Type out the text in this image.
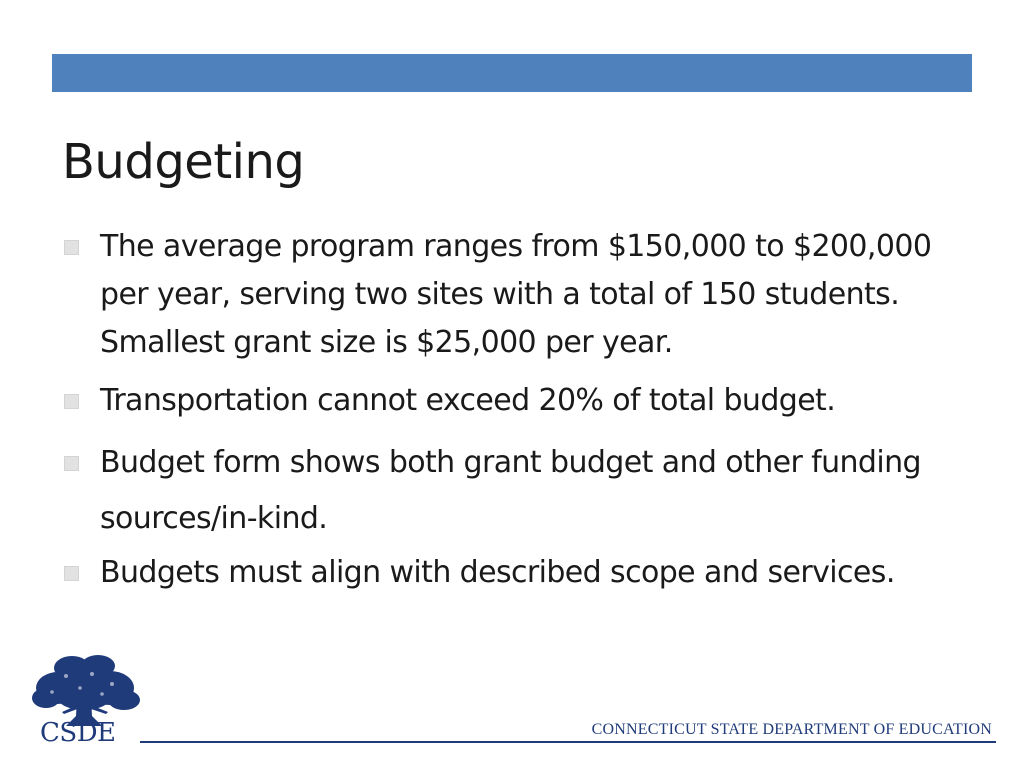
Budgeting
The average program ranges from $150,000 to $200,000 per year, serving two sites with a total of 150 students. Smallest grant size is $25,000 per year.
Transportation cannot exceed 20% of total budget.
Budget form shows both grant budget and other funding sources/in-kind.
Budgets must align with described scope and services.
CSDE	CONNECTICUT STATE DEPARTMENT OF EDUCATION
